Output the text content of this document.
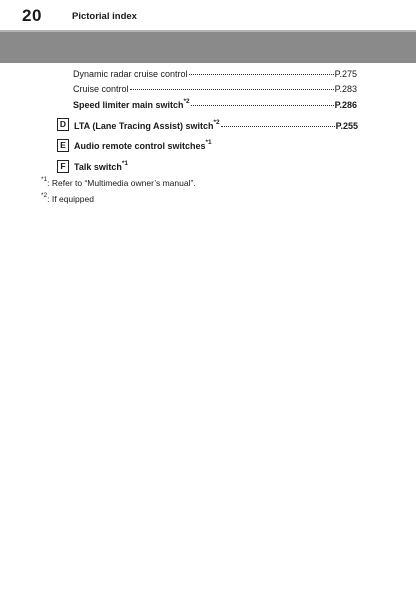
20	Pictorial index
Dynamic radar cruise control	P.275
Cruise control	P.283
Speed limiter main switch$^{*2}$	P.286
D LTA (Lane Tracing Assist) switch$^{*2}$	P.255
E Audio remote control switches$^{*1}$
F Talk switch$^{*1}$
$^{*1}$: Refer to “Multimedia owner’s manual”.
$^{*2}$: If equipped
